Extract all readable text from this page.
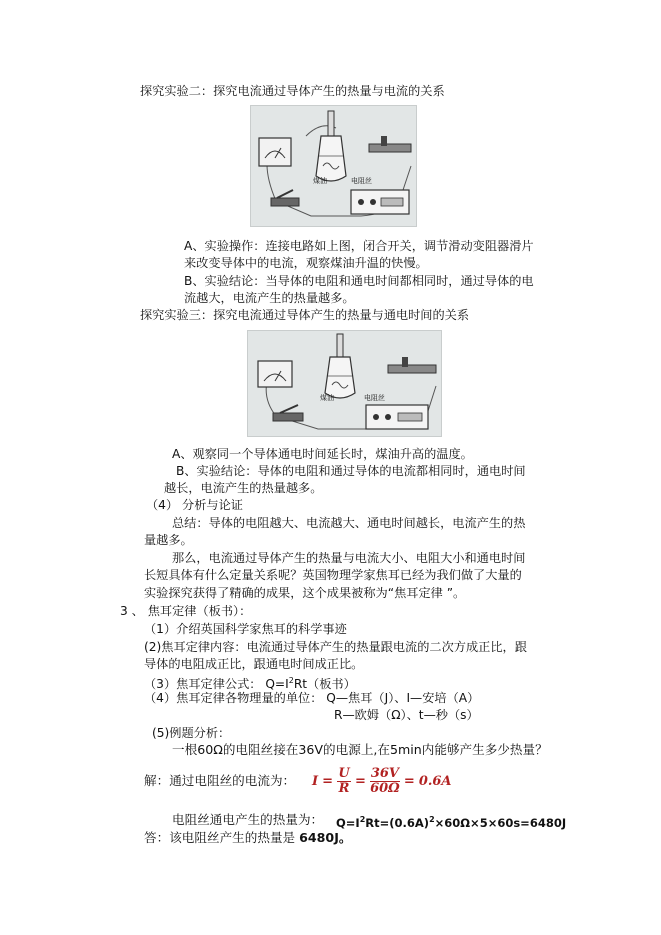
探究实验二：探究电流通过导体产生的热量与电流的关系
煤油	电阻丝
A、实验操作：连接电路如上图，闭合开关，调节滑动变阻器滑片
来改变导体中的电流，观察煤油升温的快慢。
B、实验结论：当导体的电阻和通电时间都相同时，通过导体的电
流越大，电流产生的热量越多。
探究实验三：探究电流通过导体产生的热量与通电时间的关系
煤油	电阻丝
A、观察同一个导体通电时间延长时，煤油升高的温度。
B、实验结论：导体的电阻和通过导体的电流都相同时，通电时间
越长，电流产生的热量越多。
（4） 分析与论证
总结：导体的电阻越大、电流越大、通电时间越长，电流产生的热
量越多。
那么，电流通过导体产生的热量与电流大小、电阻大小和通电时间
长短具体有什么定量关系呢？英国物理学家焦耳已经为我们做了大量的
实验探究获得了精确的成果，这个成果被称为“焦耳定律 ”。
3 、 焦耳定律（板书）：
（1）介绍英国科学家焦耳的科学事迹
(2)焦耳定律内容：电流通过导体产生的热量跟电流的二次方成正比，跟
导体的电阻成正比，跟通电时间成正比。
（3）焦耳定律公式： $Q=I^2Rt$（板书）
（4）焦耳定律各物理量的单位： Q—焦耳（J）、I—安培（A）
R—欧姆（Ω）、t—秒（s）
(5)例题分析：
一根60Ω的电阻丝接在36V的电源上,在5min内能够产生多少热量？
解：通过电阻丝的电流为： I =
U
R =
36V
60Ω = 0.6A
电阻丝通电产生的热量为： $Q=I^2Rt=(0.6A)^2\times 60\Omega\times 5\times 60s=6480J$
答：该电阻丝产生的热量是 6480J。
